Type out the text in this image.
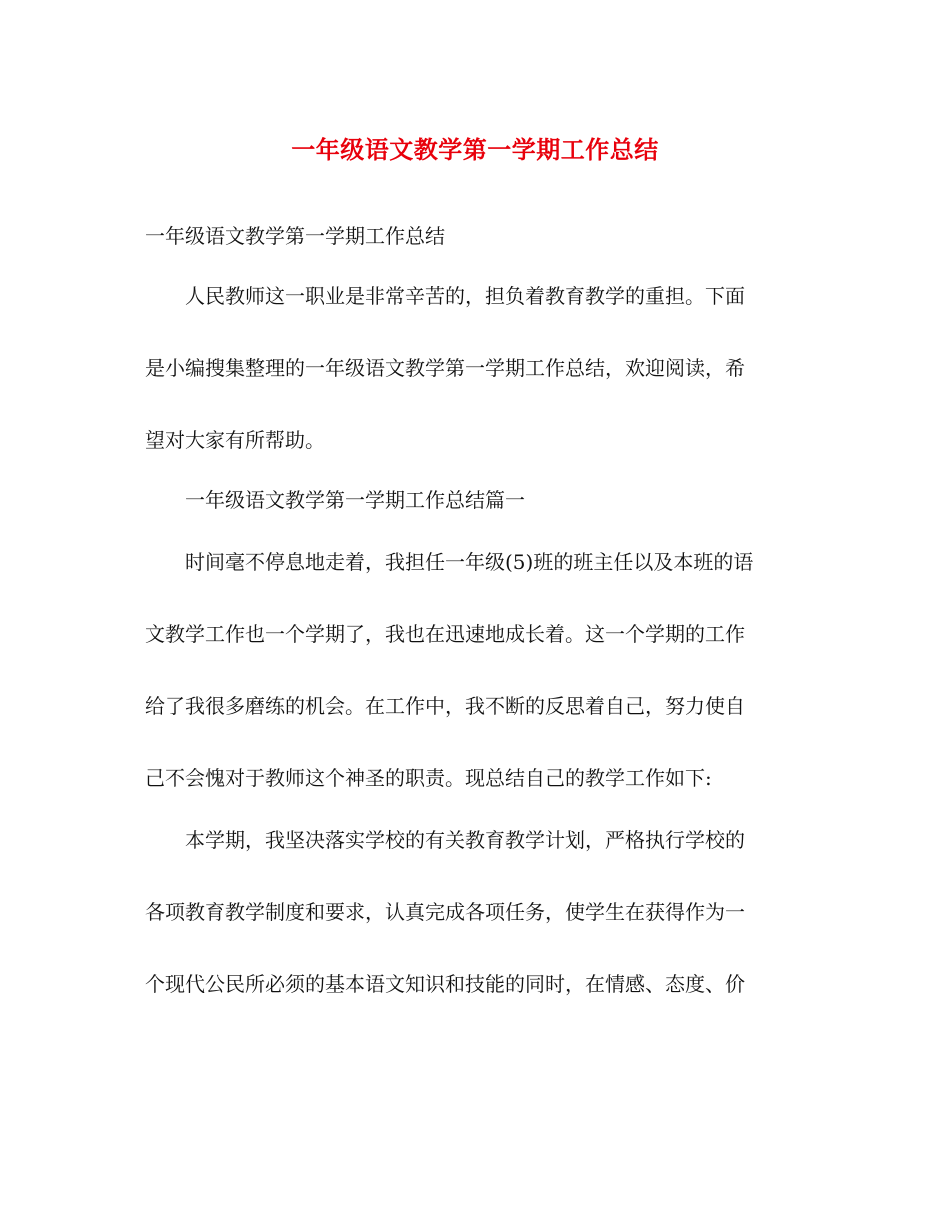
一年级语文教学第一学期工作总结
一年级语文教学第一学期工作总结
人民教师这一职业是非常辛苦的，担负着教育教学的重担。下面
是小编搜集整理的一年级语文教学第一学期工作总结，欢迎阅读，希
望对大家有所帮助。
一年级语文教学第一学期工作总结篇一
时间毫不停息地走着，我担任一年级(5)班的班主任以及本班的语
文教学工作也一个学期了，我也在迅速地成长着。这一个学期的工作
给了我很多磨练的机会。在工作中，我不断的反思着自己，努力使自
己不会愧对于教师这个神圣的职责。现总结自己的教学工作如下:
本学期，我坚决落实学校的有关教育教学计划，严格执行学校的
各项教育教学制度和要求，认真完成各项任务，使学生在获得作为一
个现代公民所必须的基本语文知识和技能的同时，在情感、态度、价
